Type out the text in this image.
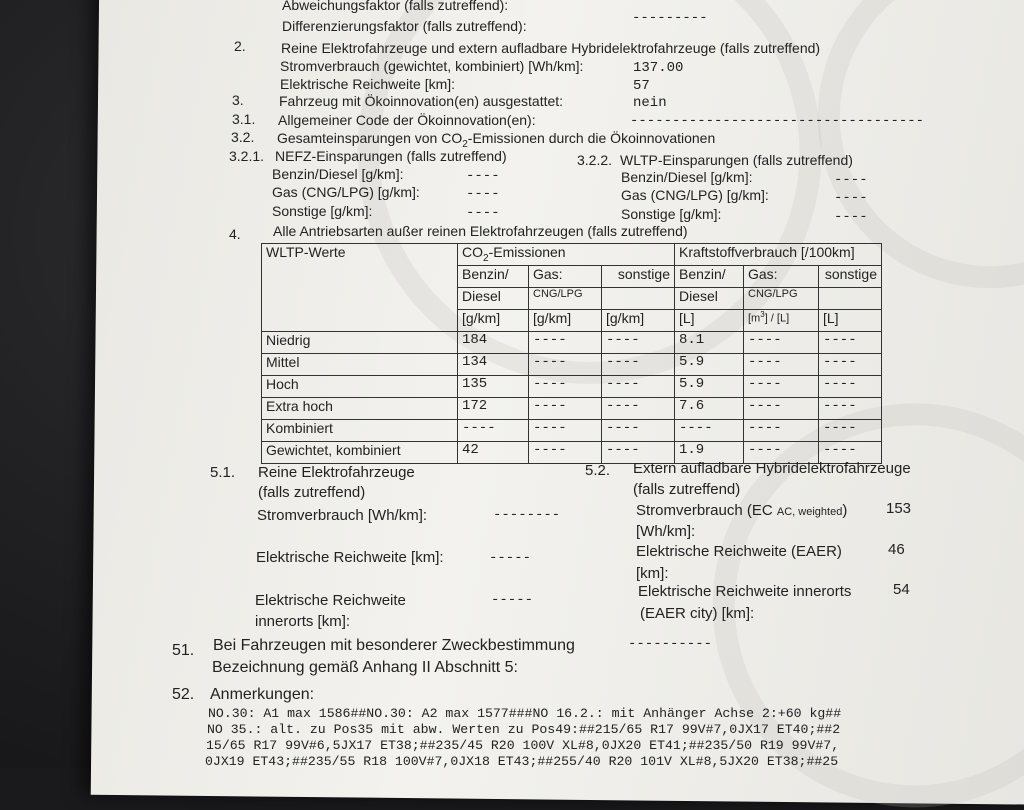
Abweichungsfaktor (falls zutreffend):
Differenzierungsfaktor (falls zutreffend):	---------
2.	Reine Elektrofahrzeuge und extern aufladbare Hybridelektrofahrzeuge (falls zutreffend)
Stromverbrauch (gewichtet, kombiniert) [Wh/km]:	137.00
Elektrische Reichweite [km]:	57
3.	Fahrzeug mit Ökoinnovation(en) ausgestattet:	nein
3.1. Allgemeiner Code der Ökoinnovation(en):	-----------------------------------
3.2. Gesamteinsparungen von $CO_2$-Emissionen durch die Ökoinnovationen
3.2.1. NEFZ-Einsparungen (falls zutreffend)
Benzin/Diesel [g/km]:	----
Gas (CNG/LPG) [g/km]:	----
Sonstige [g/km]:	----
3.2.2. WLTP-Einsparungen (falls zutreffend)
Benzin/Diesel [g/km]:	----
Gas (CNG/LPG) [g/km]:	----
Sonstige [g/km]:	----
4. Alle Antriebsarten außer reinen Elektrofahrzeugen (falls zutreffend)
WLTP-Werte	$CO_2$-Emissionen			Kraftstoffverbrauch [/100km]		
	Benzin/	Gas:	sonstige	Benzin/	Gas:	sonstige
	Diesel	CNG/LPG		Diesel	CNG/LPG	
	[g/km]	[g/km]	[g/km]	[L]	$[m^3] / [L]$	[L]
Niedrig	184	----	----	8.1	----	----
Mittel	134	----	----	5.9	----	----
Hoch	135	----	----	5.9	----	----
Extra hoch	172	----	----	7.6	----	----
Kombiniert	----	----	----	----	----	----
Gewichtet, kombiniert	42	----	----	1.9	----	----
5.1. Reine Elektrofahrzeuge
(falls zutreffend)
Stromverbrauch [Wh/km]:	--------
Elektrische Reichweite [km]:	-----
Elektrische Reichweite
innerorts [km]:
-----
5.2. Extern aufladbare Hybridelektrofahrzeuge
(falls zutreffend)
Stromverbrauch (EC AC, weighted)
[Wh/km]:
153
Elektrische Reichweite (EAER)
[km]:
46
Elektrische Reichweite innerorts
(EAER city) [km]:
54
51. Bei Fahrzeugen mit besonderer Zweckbestimmung
Bezeichnung gemäß Anhang II Abschnitt 5:
----------
52. Anmerkungen:
NO.30: A1 max 1586##NO.30: A2 max 1577###NO 16.2.: mit Anhänger Achse 2:+60 kg##
NO 35.: alt. zu Pos35 mit abw. Werten zu Pos49:##215/65 R17 99V#7,0JX17 ET40;##2
15/65 R17 99V#6,5JX17 ET38;##235/45 R20 100V XL#8,0JX20 ET41;##235/50 R19 99V#7,
0JX19 ET43;##235/55 R18 100V#7,0JX18 ET43;##255/40 R20 101V XL#8,5JX20 ET38;##25
